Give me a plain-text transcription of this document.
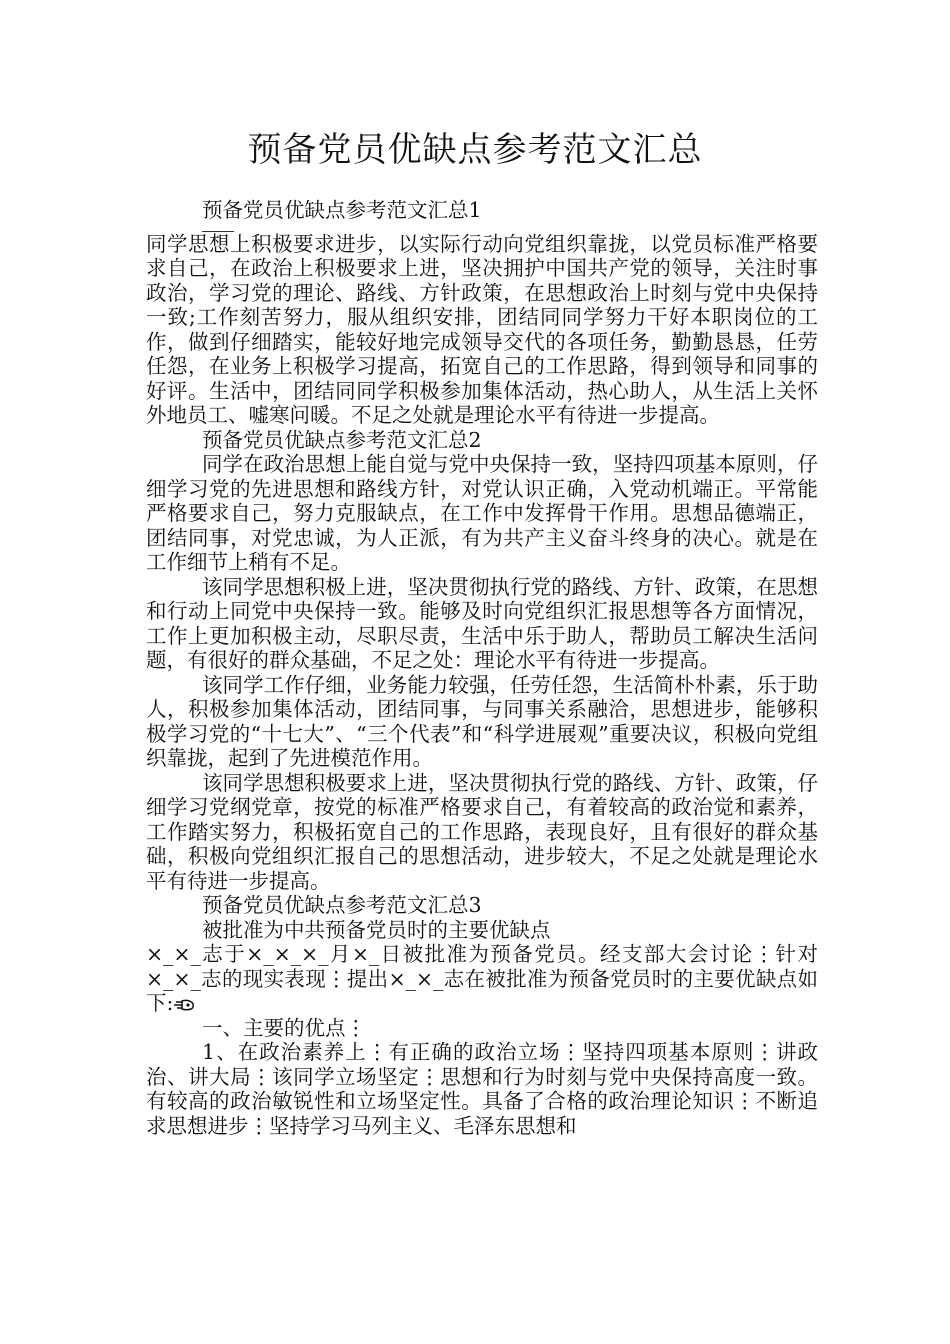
预备党员优缺点参考范文汇总

预备党员优缺点参考范文汇总1

同学思想上积极要求进步，以实际行动向党组织靠拢，以党员标准严格要求自己，在政治上积极要求上进，坚决拥护中国共产党的领导，关注时事政治，学习党的理论、路线、方针政策，在思想政治上时刻与党中央保持一致;工作刻苦努力，服从组织安排，团结同同学努力干好本职岗位的工作，做到仔细踏实，能较好地完成领导交代的各项任务，勤勤恳恳，任劳任怨，在业务上积极学习提高，拓宽自己的工作思路，得到领导和同事的好评。生活中，团结同同学积极参加集体活动，热心助人，从生活上关怀外地员工、嘘寒问暖。不足之处就是理论水平有待进一步提高。

预备党员优缺点参考范文汇总2

同学在政治思想上能自觉与党中央保持一致，坚持四项基本原则，仔细学习党的先进思想和路线方针，对党认识正确，入党动机端正。平常能严格要求自己，努力克服缺点，在工作中发挥骨干作用。思想品德端正，团结同事，对党忠诚，为人正派，有为共产主义奋斗终身的决心。就是在工作细节上稍有不足。

该同学思想积极上进，坚决贯彻执行党的路线、方针、政策，在思想和行动上同党中央保持一致。能够及时向党组织汇报思想等各方面情况，工作上更加积极主动，尽职尽责，生活中乐于助人，帮助员工解决生活问题，有很好的群众基础，不足之处：理论水平有待进一步提高。

该同学工作仔细，业务能力较强，任劳任怨，生活简朴朴素，乐于助人，积极参加集体活动，团结同事，与同事关系融洽，思想进步，能够积极学习党的“十七大”、“三个代表”和“科学进展观”重要决议，积极向党组织靠拢，起到了先进模范作用。

该同学思想积极要求上进，坚决贯彻执行党的路线、方针、政策，仔细学习党纲党章，按党的标准严格要求自己，有着较高的政治觉和素养，工作踏实努力，积极拓宽自己的工作思路，表现良好，且有很好的群众基础，积极向党组织汇报自己的思想活动，进步较大，不足之处就是理论水平有待进一步提高。

预备党员优缺点参考范文汇总3

被批准为中共预备党员时的主要优缺点

×_×_志于×_×_×_月×_日被批准为预备党员。经支部大会讨论⋮针对×_×_志的现实表现⋮提出×_×_志在被批准为预备党员时的主要优缺点如下:

一、主要的优点⋮

1、在政治素养上⋮有正确的政治立场⋮坚持四项基本原则⋮讲政治、讲大局⋮该同学立场坚定⋮思想和行为时刻与党中央保持高度一致。有较高的政治敏锐性和立场坚定性。具备了合格的政治理论知识⋮不断追求思想进步⋮坚持学习马列主义、毛泽东思想和
